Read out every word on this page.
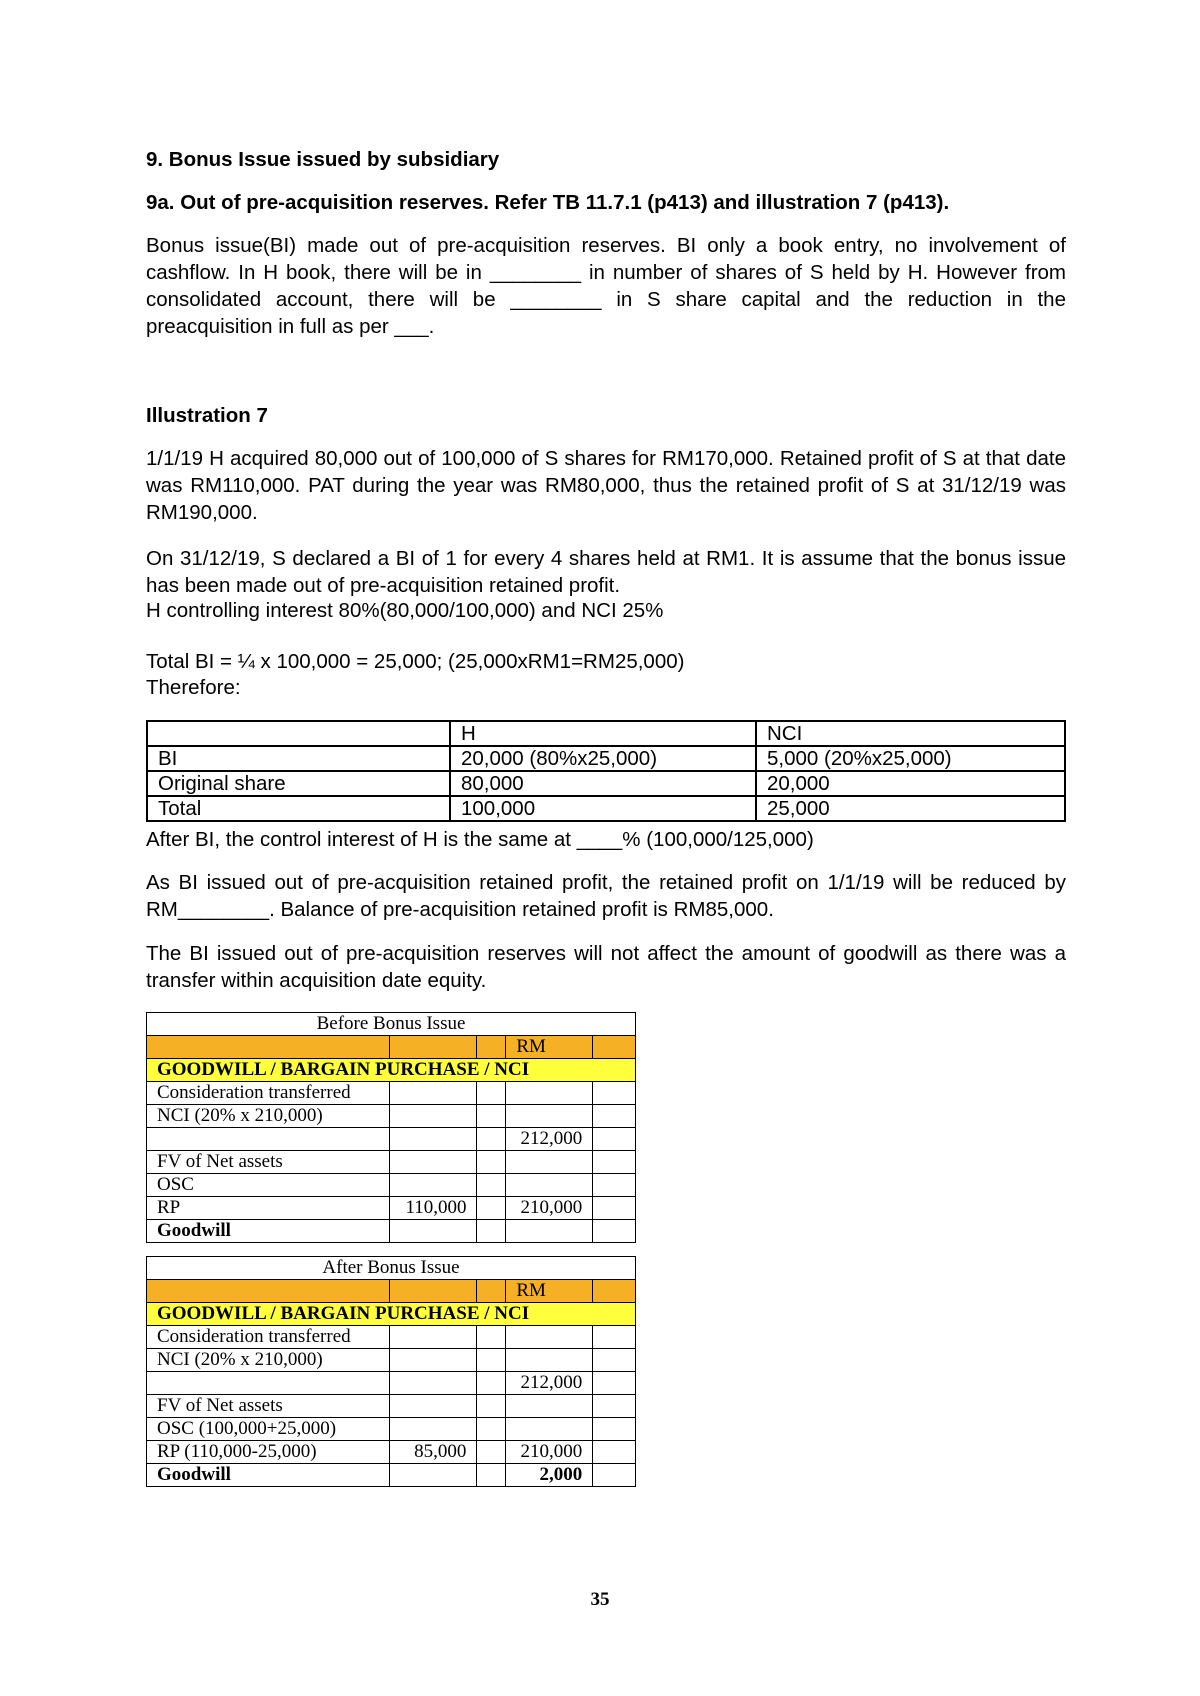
9. Bonus Issue issued by subsidiary

9a. Out of pre-acquisition reserves. Refer TB 11.7.1 (p413) and illustration 7 (p413).

Bonus issue(BI) made out of pre-acquisition reserves. BI only a book entry, no involvement of cashflow. In H book, there will be in ________ in number of shares of S held by H. However from consolidated account, there will be ________ in S share capital and the reduction in the preacquisition in full as per ___.

Illustration 7

1/1/19 H acquired 80,000 out of 100,000 of S shares for RM170,000. Retained profit of S at that date was RM110,000. PAT during the year was RM80,000, thus the retained profit of S at 31/12/19 was RM190,000.

On 31/12/19, S declared a BI of 1 for every 4 shares held at RM1. It is assume that the bonus issue has been made out of pre-acquisition retained profit.

H controlling interest 80%(80,000/100,000) and NCI 25%

Total BI = ¼ x 100,000 = 25,000; (25,000xRM1=RM25,000)

Therefore:

	H	NCI
BI	20,000 (80%x25,000)	5,000 (20%x25,000)
Original share	80,000	20,000
Total	100,000	25,000

After BI, the control interest of H is the same at ____% (100,000/125,000)

As BI issued out of pre-acquisition retained profit, the retained profit on 1/1/19 will be reduced by RM________. Balance of pre-acquisition retained profit is RM85,000.

The BI issued out of pre-acquisition reserves will not affect the amount of goodwill as there was a transfer within acquisition date equity.

Before Bonus Issue				
			RM	
GOODWILL / BARGAIN PURCHASE / NCI				
Consideration transferred				
NCI (20% x 210,000)				
			212,000	
FV of Net assets				
OSC				
RP	110,000		210,000	
Goodwill				
After Bonus Issue				
			RM	
GOODWILL / BARGAIN PURCHASE / NCI				
Consideration transferred				
NCI (20% x 210,000)				
			212,000	
FV of Net assets				
OSC (100,000+25,000)				
RP (110,000-25,000)	85,000		210,000	
Goodwill			2,000	
35
